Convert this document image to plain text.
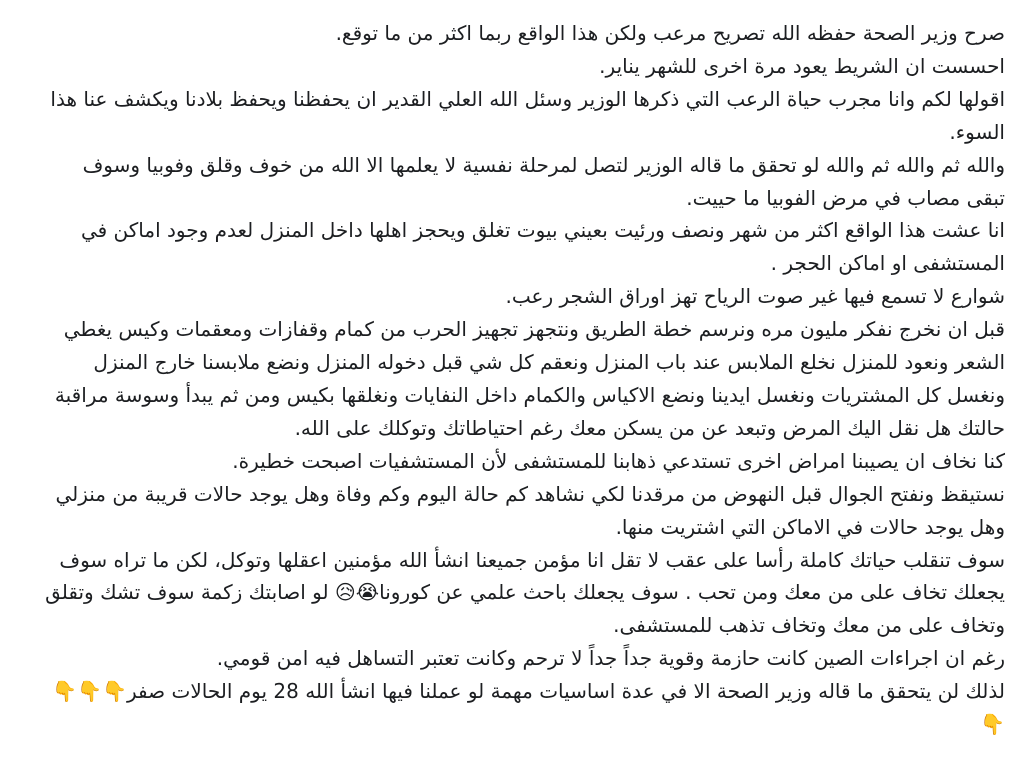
صرح وزير الصحة حفظه الله تصريح مرعب ولكن هذا الواقع ربما اكثر من ما توقع.

احسست ان الشريط يعود مرة اخرى للشهر يناير.

اقولها لكم وانا مجرب حياة الرعب التي ذكرها الوزير وسئل الله العلي القدير ان يحفظنا ويحفظ بلادنا ويكشف عنا هذا السوء.

والله ثم والله ثم والله لو تحقق ما قاله الوزير لتصل لمرحلة نفسية لا يعلمها الا الله من خوف وقلق وفوبيا وسوف تبقى مصاب في مرض الفوبيا ما حييت.

انا عشت هذا الواقع اكثر من شهر ونصف ورئيت بعيني بيوت تغلق ويحجز اهلها داخل المنزل لعدم وجود اماكن في المستشفى او اماكن الحجر .

شوارع لا تسمع فيها غير صوت الرياح تهز اوراق الشجر رعب.

قبل ان نخرج نفكر مليون مره ونرسم خطة الطريق ونتجهز تجهيز الحرب من كمام وقفازات ومعقمات وكيس يغطي الشعر ونعود للمنزل نخلع الملابس عند باب المنزل ونعقم كل شي قبل دخوله المنزل ونضع ملابسنا خارج المنزل ونغسل كل المشتريات ونغسل ايدينا ونضع الاكياس والكمام داخل النفايات ونغلقها بكيس ومن ثم يبدأ وسوسة مراقبة حالتك هل نقل اليك المرض وتبعد عن من يسكن معك رغم احتياطاتك وتوكلك على الله.

كنا نخاف ان يصيبنا امراض اخرى تستدعي ذهابنا للمستشفى لأن المستشفيات اصبحت خطيرة.

نستيقظ ونفتح الجوال قبل النهوض من مرقدنا لكي نشاهد كم حالة اليوم وكم وفاة وهل يوجد حالات قريبة من منزلي وهل يوجد حالات في الاماكن التي اشتريت منها.

سوف تنقلب حياتك كاملة رأسا على عقب لا تقل انا مؤمن جميعنا انشأ الله مؤمنين اعقلها وتوكل، لكن ما تراه سوف يجعلك تخاف على من معك ومن تحب . سوف يجعلك باحث علمي عن كورونا😭😥 لو اصابتك زكمة سوف تشك وتقلق وتخاف على من معك وتخاف تذهب للمستشفى.

رغم ان اجراءات الصين كانت حازمة وقوية جداً جداً لا ترحم وكانت تعتبر التساهل فيه امن قومي.

لذلك لن يتحقق ما قاله وزير الصحة الا في عدة اساسيات مهمة لو عملنا فيها انشأ الله 28 يوم الحالات صفر👇👇👇👇
